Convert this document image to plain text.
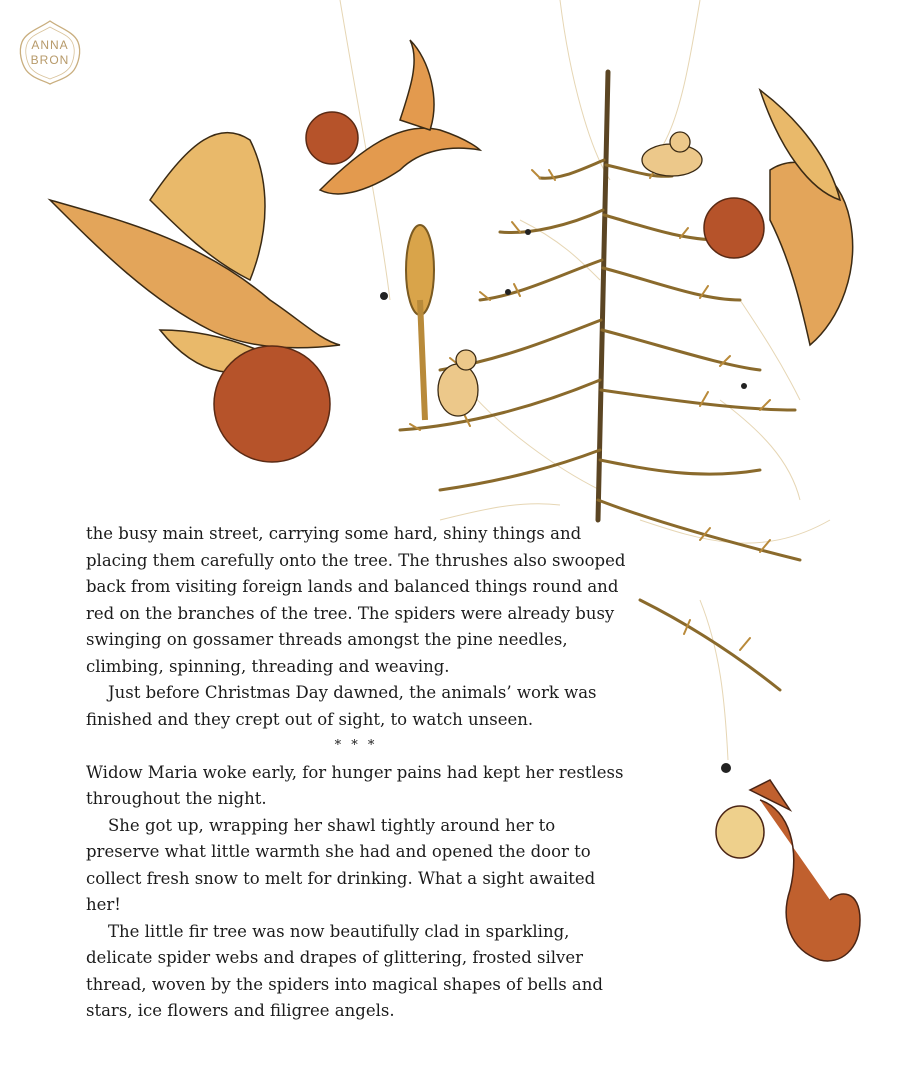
ANNA
BRON

the busy main street, carrying some hard, shiny things and placing them carefully onto the tree. The thrushes also swooped back from visiting foreign lands and balanced things round and red on the branches of the tree. The spiders were already busy swinging on gossamer threads amongst the pine needles, climbing, spinning, threading and weaving.

Just before Christmas Day dawned, the animals’ work was finished and they crept out of sight, to watch unseen.

* * *

Widow Maria woke early, for hunger pains had kept her restless throughout the night.

She got up, wrapping her shawl tightly around her to preserve what little warmth she had and opened the door to collect fresh snow to melt for drinking. What a sight awaited her!

The little fir tree was now beautifully clad in sparkling, delicate spider webs and drapes of glittering, frosted silver thread, woven by the spiders into magical shapes of bells and stars, ice flowers and filigree angels.
